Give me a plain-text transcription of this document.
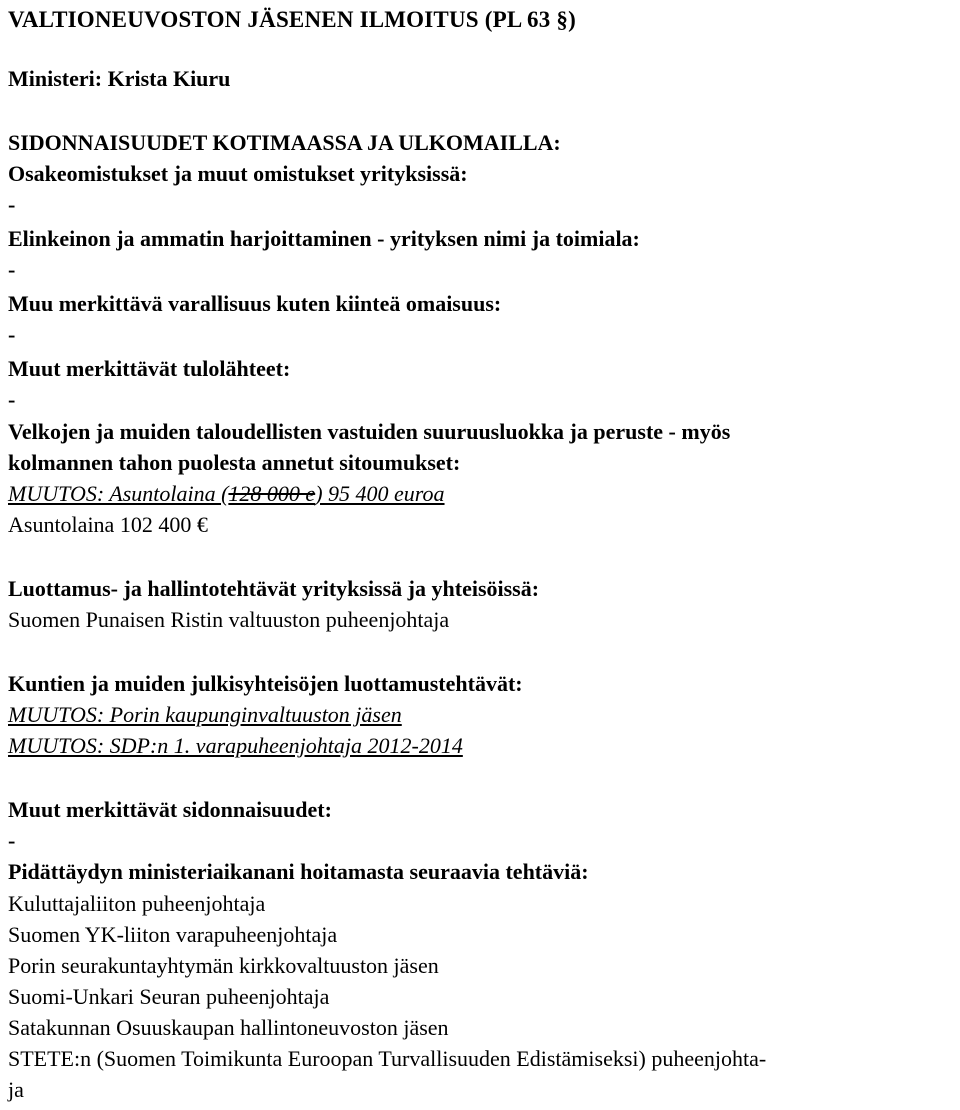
VALTIONEUVOSTON JÄSENEN ILMOITUS (PL 63 §)
Ministeri: Krista Kiuru
SIDONNAISUUDET KOTIMAASSA JA ULKOMAILLA:
Osakeomistukset ja muut omistukset yrityksissä:
-
Elinkeinon ja ammatin harjoittaminen - yrityksen nimi ja toimiala:
-
Muu merkittävä varallisuus kuten kiinteä omaisuus:
-
Muut merkittävät tulolähteet:
-
Velkojen ja muiden taloudellisten vastuiden suuruusluokka ja peruste - myös
kolmannen tahon puolesta annetut sitoumukset:
MUUTOS: Asuntolaina (128 000 e) 95 400 euroa
Asuntolaina 102 400 €
Luottamus- ja hallintotehtävät yrityksissä ja yhteisöissä:
Suomen Punaisen Ristin valtuuston puheenjohtaja
Kuntien ja muiden julkisyhteisöjen luottamustehtävät:
MUUTOS: Porin kaupunginvaltuuston jäsen
MUUTOS: SDP:n 1. varapuheenjohtaja 2012-2014
Muut merkittävät sidonnaisuudet:
-
Pidättäydyn ministeriaikanani hoitamasta seuraavia tehtäviä:
Kuluttajaliiton puheenjohtaja
Suomen YK-liiton varapuheenjohtaja
Porin seurakuntayhtymän kirkkovaltuuston jäsen
Suomi-Unkari Seuran puheenjohtaja
Satakunnan Osuuskaupan hallintoneuvoston jäsen
STETE:n (Suomen Toimikunta Euroopan Turvallisuuden Edistämiseksi) puheenjohta-
ja
